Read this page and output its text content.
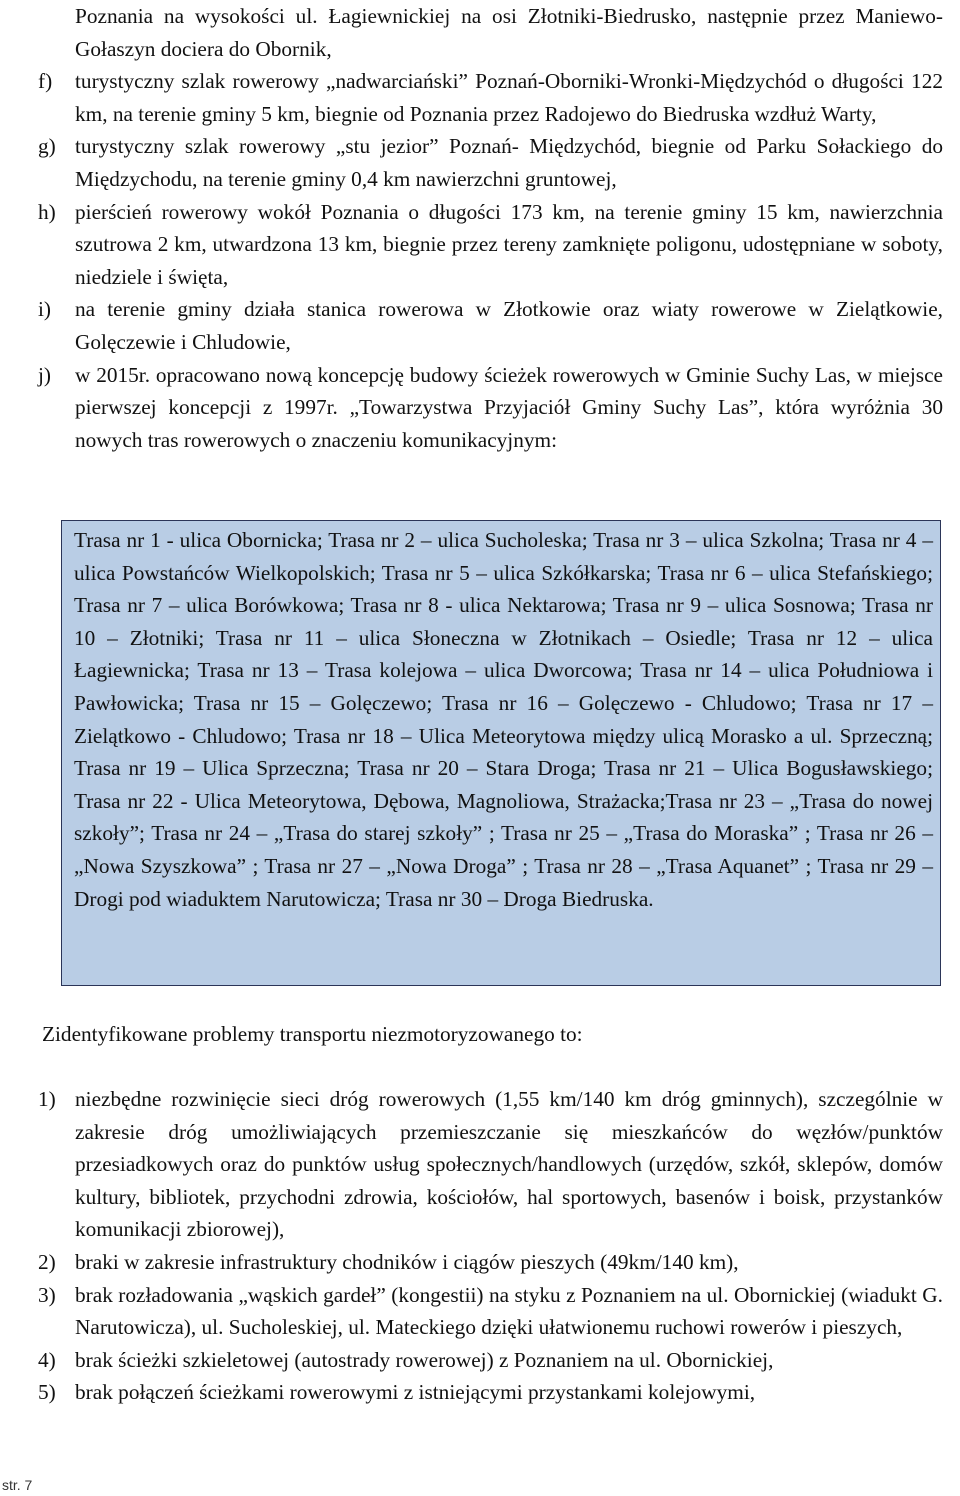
Poznania na wysokości ul. Łagiewnickiej na osi Złotniki-Biedrusko, następnie przez Maniewo-Gołaszyn dociera do Obornik,
f)	turystyczny szlak rowerowy „nadwarciański” Poznań-Oborniki-Wronki-Międzychód o długości 122 km, na terenie gminy 5 km, biegnie od Poznania przez Radojewo do Biedruska wzdłuż Warty,
g) turystyczny szlak rowerowy „stu jezior” Poznań- Międzychód, biegnie od Parku Sołackiego do Międzychodu, na terenie gminy 0,4 km nawierzchni gruntowej,
h) pierścień rowerowy wokół Poznania o długości 173 km, na terenie gminy 15 km, nawierzchnia szutrowa 2 km, utwardzona 13 km, biegnie przez tereny zamknięte poligonu, udostępniane w soboty, niedziele i święta,
i)	na terenie gminy działa stanica rowerowa w Złotkowie oraz wiaty rowerowe w Zielątkowie, Golęczewie i Chludowie,
j)	w 2015r. opracowano nową koncepcję budowy ścieżek rowerowych w Gminie Suchy Las, w miejsce pierwszej koncepcji z 1997r. „Towarzystwa Przyjaciół Gminy Suchy Las”, która wyróżnia 30 nowych tras rowerowych o znaczeniu komunikacyjnym:

Trasa nr 1 - ulica Obornicka; Trasa nr 2 – ulica Sucholeska; Trasa nr 3 – ulica Szkolna; Trasa nr 4 – ulica Powstańców Wielkopolskich; Trasa nr 5 – ulica Szkółkarska; Trasa nr 6 – ulica Stefańskiego; Trasa nr 7 – ulica Borówkowa; Trasa nr 8 - ulica Nektarowa; Trasa nr 9 – ulica Sosnowa; Trasa nr 10 – Złotniki; Trasa nr 11 – ulica Słoneczna w Złotnikach – Osiedle; Trasa nr 12 – ulica Łagiewnicka; Trasa nr 13 – Trasa kolejowa – ulica Dworcowa; Trasa nr 14 – ulica Południowa i Pawłowicka; Trasa nr 15 – Golęczewo; Trasa nr 16 – Golęczewo - Chludowo; Trasa nr 17 – Zielątkowo - Chludowo; Trasa nr 18 – Ulica Meteorytowa między ulicą Morasko a ul. Sprzeczną; Trasa nr 19 – Ulica Sprzeczna; Trasa nr 20 – Stara Droga; Trasa nr 21 – Ulica Bogusławskiego; Trasa nr 22 - Ulica Meteorytowa, Dębowa, Magnoliowa, Strażacka;Trasa nr 23 – „Trasa do nowej szkoły”; Trasa nr 24 – „Trasa do starej szkoły” ; Trasa nr 25 – „Trasa do Moraska” ; Trasa nr 26 – „Nowa Szyszkowa” ; Trasa nr 27 – „Nowa Droga” ; Trasa nr 28 – „Trasa Aquanet” ; Trasa nr 29 – Drogi pod wiaduktem Narutowicza; Trasa nr 30 – Droga Biedruska.

Zidentyfikowane problemy transportu niezmotoryzowanego to:
1) niezbędne rozwinięcie sieci dróg rowerowych (1,55 km/140 km dróg gminnych), szczególnie w zakresie dróg umożliwiających przemieszczanie się mieszkańców do węzłów/punktów przesiadkowych oraz do punktów usług społecznych/handlowych (urzędów, szkół, sklepów, domów kultury, bibliotek, przychodni zdrowia, kościołów, hal sportowych, basenów i boisk, przystanków komunikacji zbiorowej),
2) braki w zakresie infrastruktury chodników i ciągów pieszych (49km/140 km),
3) brak rozładowania „wąskich gardeł” (kongestii) na styku z Poznaniem na ul. Obornickiej (wiadukt G. Narutowicza), ul. Sucholeskiej, ul. Mateckiego dzięki ułatwionemu ruchowi rowerów i pieszych,
4) brak ścieżki szkieletowej (autostrady rowerowej) z Poznaniem na ul. Obornickiej,
5) brak połączeń ścieżkami rowerowymi z istniejącymi przystankami kolejowymi,
str. 7
